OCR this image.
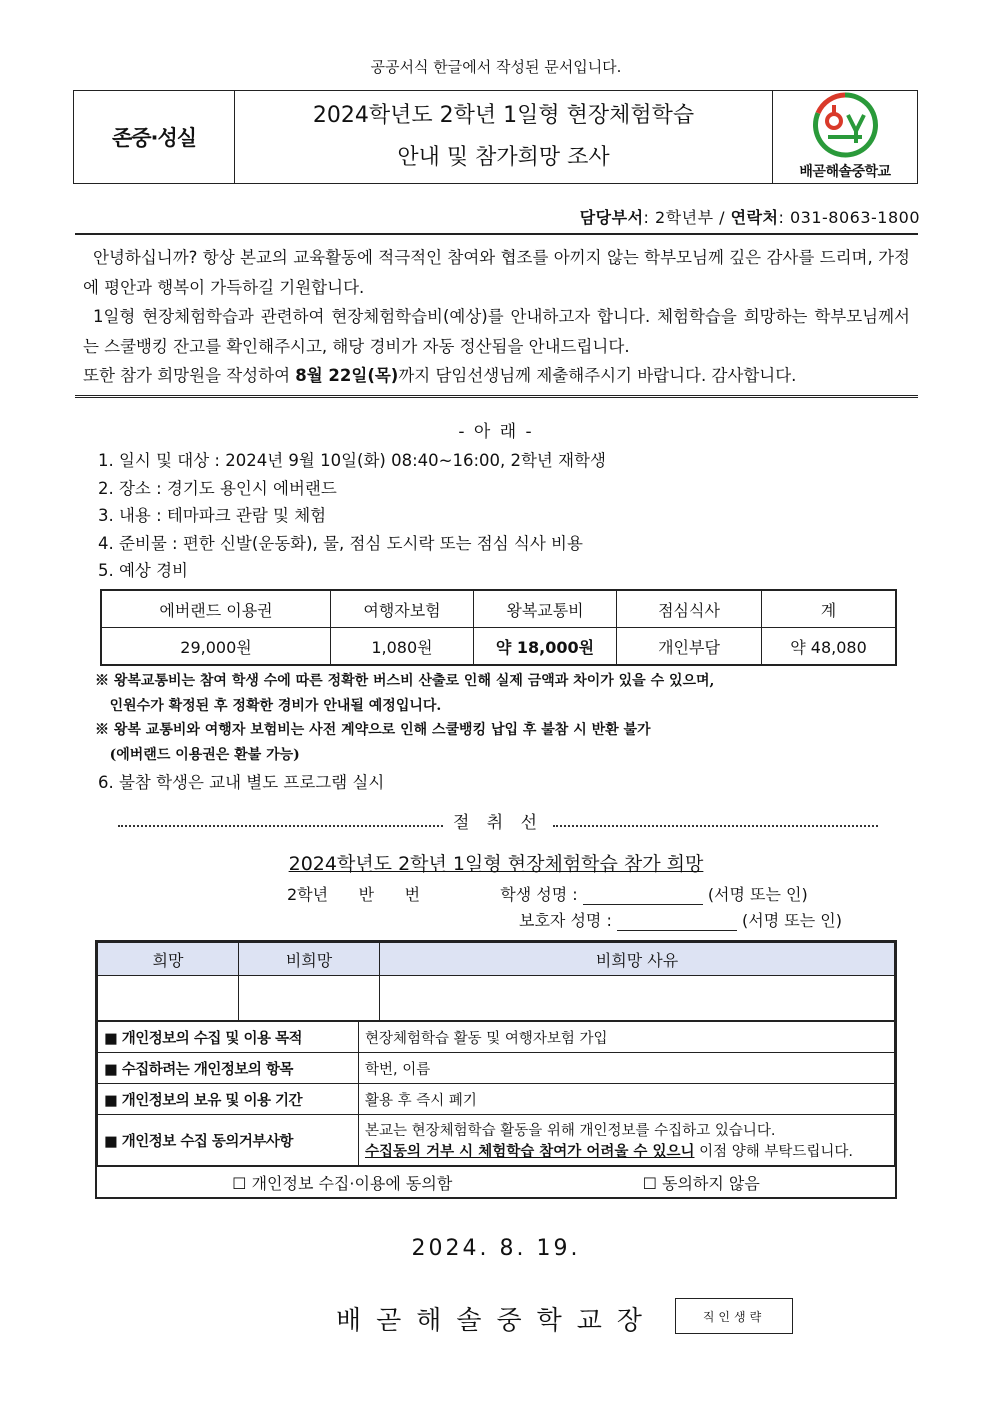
공공서식 한글에서 작성된 문서입니다.
존중·성실
2024학년도 2학년 1일형 현장체험학습
안내 및 참가희망 조사
배곧해솔중학교
담당부서: 2학년부 / 연락처: 031-8063-1800

안녕하십니까? 항상 본교의 교육활동에 적극적인 참여와 협조를 아끼지 않는 학부모님께 깊은 감사를 드리며, 가정에 평안과 행복이 가득하길 기원합니다.

1일형 현장체험학습과 관련하여 현장체험학습비(예상)를 안내하고자 합니다. 체험학습을 희망하는 학부모님께서는 스쿨뱅킹 잔고를 확인해주시고, 해당 경비가 자동 정산됨을 안내드립니다.

또한 참가 희망원을 작성하여 8월 22일(목)까지 담임선생님께 제출해주시기 바랍니다. 감사합니다.

- 아 래 -
1. 일시 및 대상 : 2024년 9월 10일(화) 08:40~16:00, 2학년 재학생
2. 장소 : 경기도 용인시 에버랜드
3. 내용 : 테마파크 관람 및 체험
4. 준비물 : 편한 신발(운동화), 물, 점심 도시락 또는 점심 식사 비용
5. 예상 경비
에버랜드 이용권	여행자보험	왕복교통비	점심식사	계
29,000원	1,080원	약 18,000원	개인부담	약 48,080
※ 왕복교통비는 참여 학생 수에 따른 정확한 버스비 산출로 인해 실제 금액과 차이가 있을 수 있으며,
인원수가 확정된 후 정확한 경비가 안내될 예정입니다.
※ 왕복 교통비와 여행자 보험비는 사전 계약으로 인해 스쿨뱅킹 납입 후 불참 시 반환 불가
(에버랜드 이용권은 환불 가능)
6. 불참 학생은 교내 별도 프로그램 실시
절 취 선
2024학년도 2학년 1일형 현장체험학습 참가 희망
2학년      반      번	학생 성명 :	(서명 또는 인)
보호자 성명 :	(서명 또는 인)
희망	비희망	비희망 사유

■ 개인정보의 수집 및 이용 목적	현장체험학습 활동 및 여행자보험 가입
■ 수집하려는 개인정보의 항목	학번, 이름
■ 개인정보의 보유 및 이용 기간	활용 후 즉시 폐기
■ 개인정보 수집 동의거부사항	본교는 현장체험학습 활동을 위해 개인정보를 수집하고 있습니다.
수집동의 거부 시 체험학습 참여가 어려울 수 있으니 이점 양해 부탁드립니다.
☐ 개인정보 수집·이용에 동의함	☐ 동의하지 않음
2024. 8. 19.
배곧해솔중학교장	직인생략
